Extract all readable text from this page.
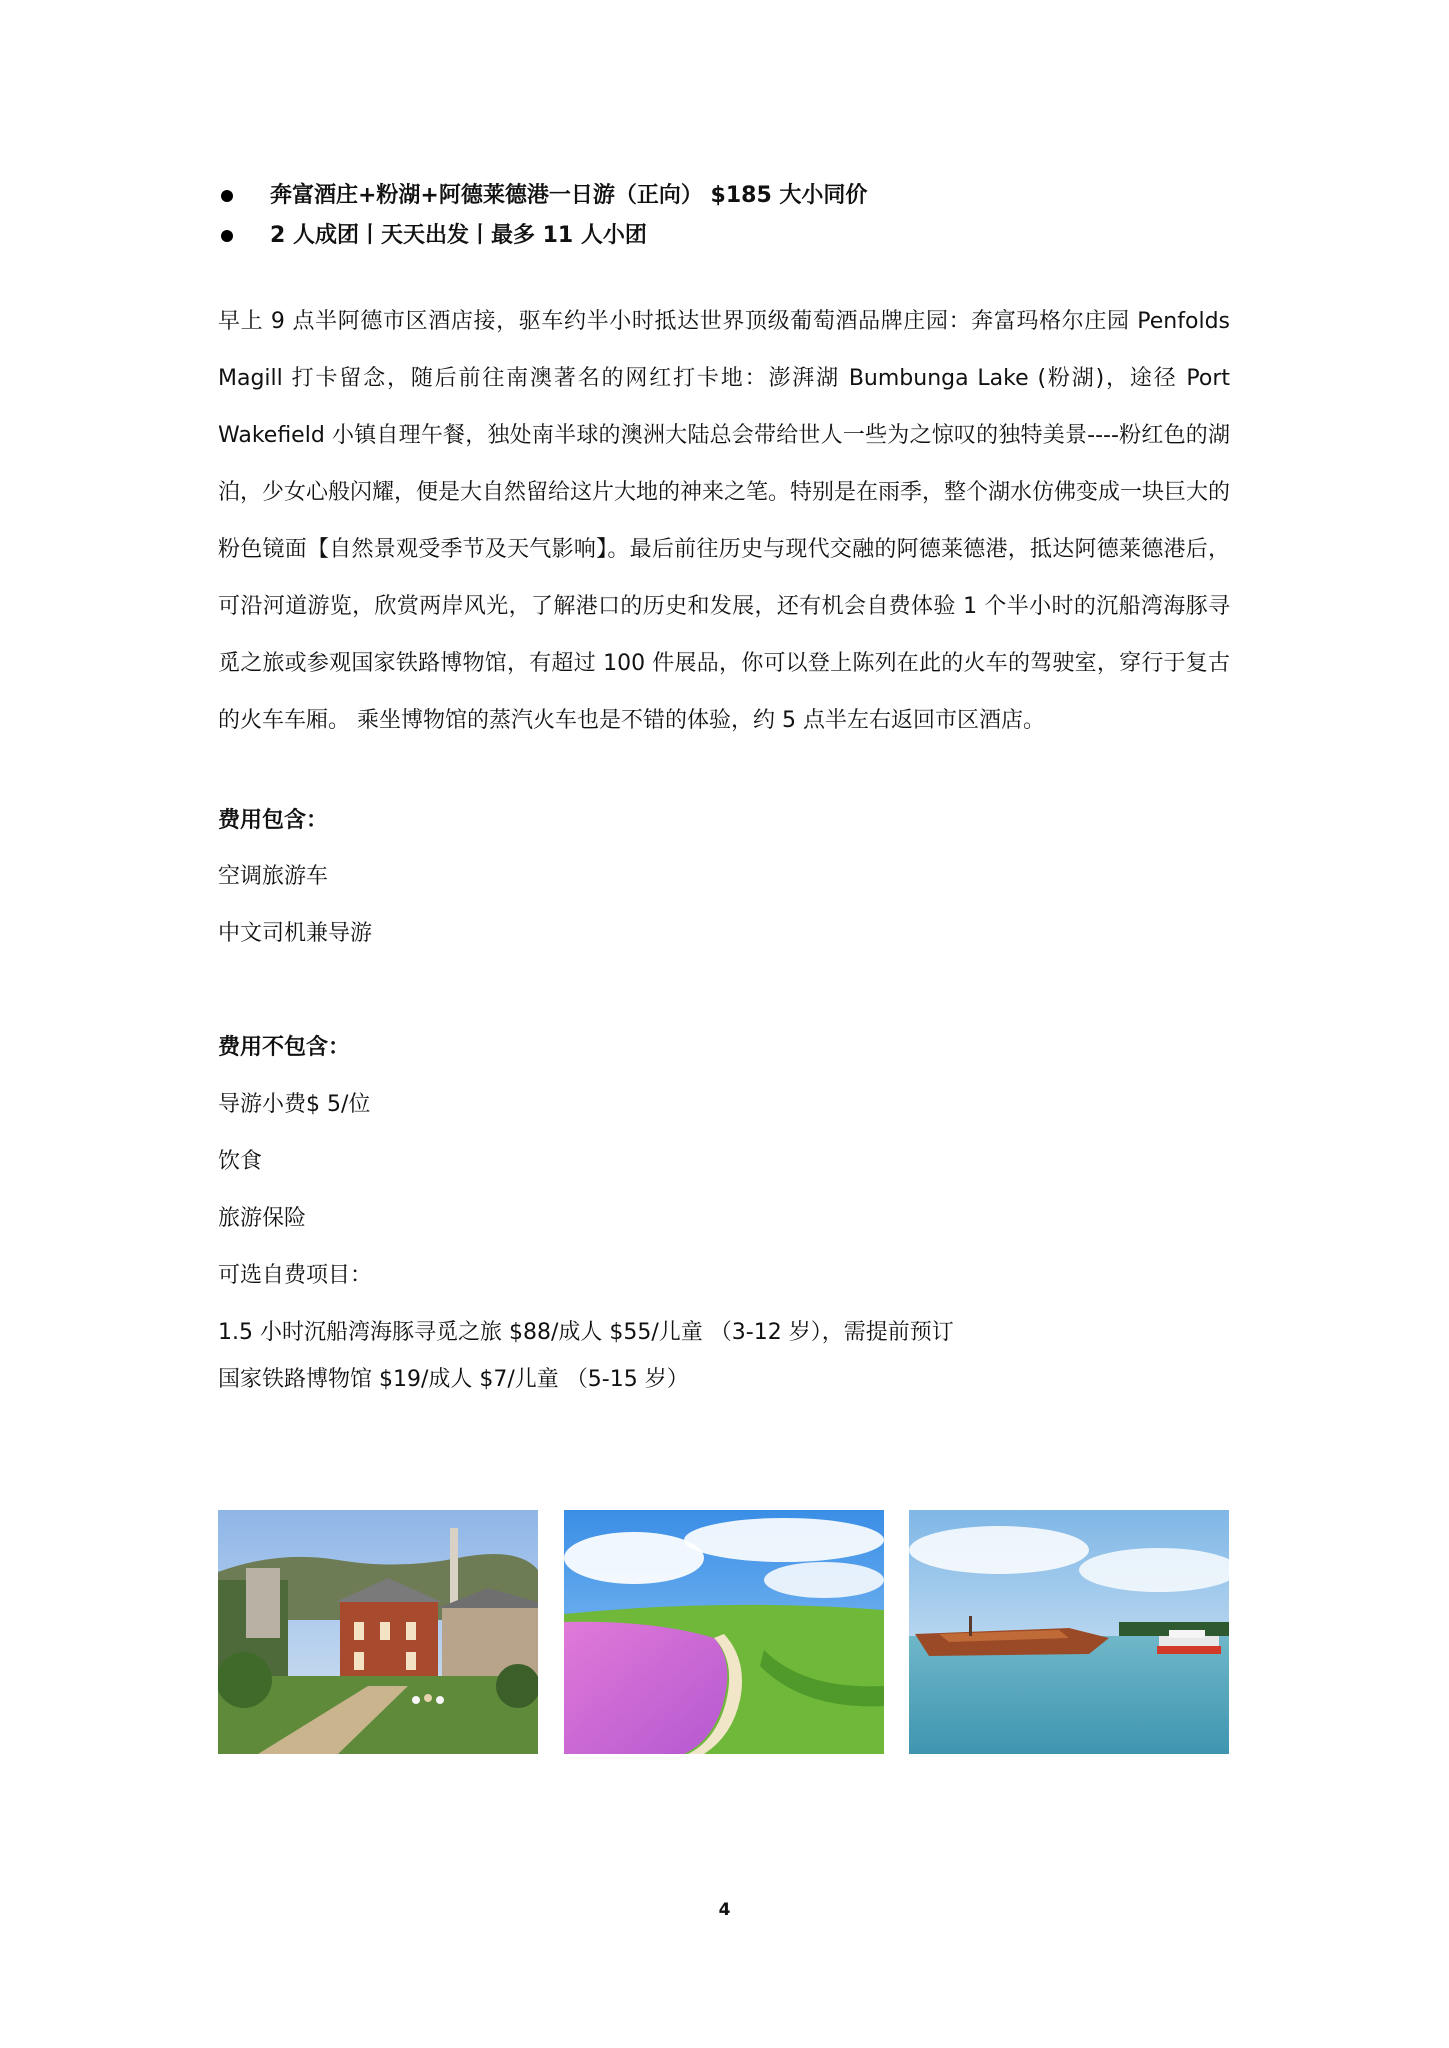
奔富酒庄+粉湖+阿德莱德港一日游（正向） $185 大小同价
2 人成团丨天天出发丨最多 11 人小团

早上 9 点半阿德市区酒店接，驱车约半小时抵达世界顶级葡萄酒品牌庄园：奔富玛格尔庄园 Penfolds Magill 打卡留念，随后前往南澳著名的网红打卡地：澎湃湖 Bumbunga Lake (粉湖)，途径 Port Wakefield 小镇自理午餐，独处南半球的澳洲大陆总会带给世人一些为之惊叹的独特美景----粉红色的湖泊，少女心般闪耀，便是大自然留给这片大地的神来之笔。特别是在雨季，整个湖水仿佛变成一块巨大的粉色镜面【自然景观受季节及天气影响】。最后前往历史与现代交融的阿德莱德港，抵达阿德莱德港后，可沿河道游览，欣赏两岸风光，了解港口的历史和发展，还有机会自费体验 1 个半小时的沉船湾海豚寻觅之旅或参观国家铁路博物馆，有超过 100 件展品，你可以登上陈列在此的火车的驾驶室，穿行于复古的火车车厢。 乘坐博物馆的蒸汽火车也是不错的体验，约 5 点半左右返回市区酒店。

费用包含：

空调旅游车

中文司机兼导游

费用不包含：

导游小费$ 5/位

饮食

旅游保险

可选自费项目：

1.5 小时沉船湾海豚寻觅之旅 $88/成人 $55/儿童 （3-12 岁），需提前预订

国家铁路博物馆 $19/成人 $7/儿童 （5-15 岁）

4
